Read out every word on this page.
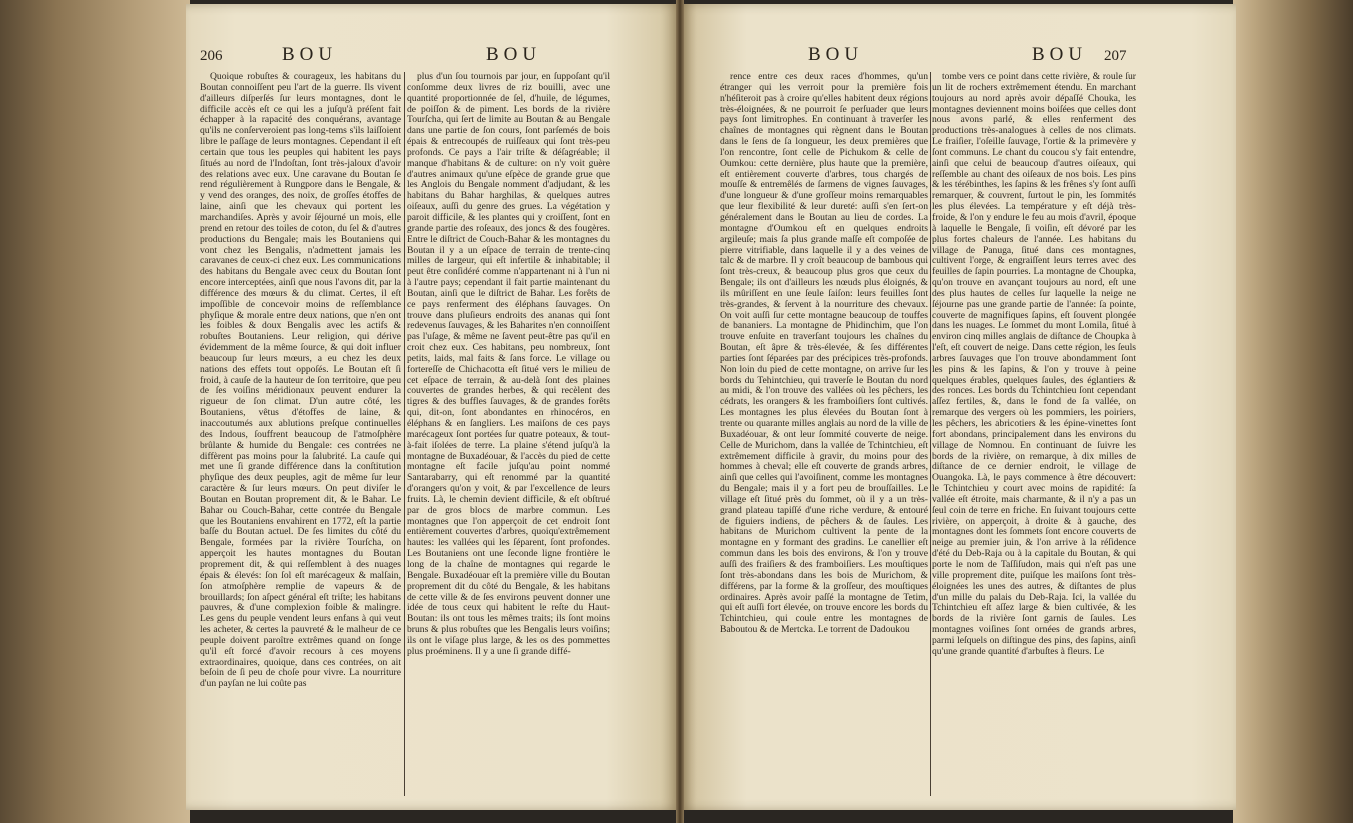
206	BOU	BOU

Quoique robuſtes & courageux, les habitans du Boutan connoiſſent peu l'art de la guerre. Ils vivent d'ailleurs diſperſés ſur leurs montagnes, dont le difficile accès eſt ce qui les a juſqu'à préſent fait échapper à la rapacité des conquérans, avantage qu'ils ne conſerveroient pas long-tems s'ils laiſſoient libre le paſſage de leurs montagnes. Cependant il eſt certain que tous les peuples qui habitent les pays ſitués au nord de l'Indoſtan, ſont très-jaloux d'avoir des relations avec eux. Une caravane du Boutan ſe rend régulièrement à Rungpore dans le Bengale, & y vend des oranges, des noix, de groſſes étoffes de laine, ainſi que les chevaux qui portent les marchandiſes. Après y avoir ſéjourné un mois, elle prend en retour des toiles de coton, du ſel & d'autres productions du Bengale; mais les Boutaniens qui vont chez les Bengalis, n'admettent jamais les caravanes de ceux-ci chez eux. Les communications des habitans du Bengale avec ceux du Boutan ſont encore interceptées, ainſi que nous l'avons dit, par la différence des mœurs & du climat. Certes, il eſt impoſſible de concevoir moins de reſſemblance phyſique & morale entre deux nations, que n'en ont les foibles & doux Bengalis avec les actifs & robuſtes Boutaniens. Leur religion, qui dérive évidemment de la même ſource, & qui doit influer beaucoup ſur leurs mœurs, a eu chez les deux nations des effets tout oppoſés. Le Boutan eſt ſi froid, à cauſe de la hauteur de ſon territoire, que peu de ſes voiſins méridionaux peuvent endurer la rigueur de ſon climat. D'un autre côté, les Boutaniens, vêtus d'étoffes de laine, & inaccoutumés aux ablutions preſque continuelles des Indous, ſouffrent beaucoup de l'atmoſphère brûlante & humide du Bengale: ces contrées ne diffèrent pas moins pour la ſalubrité. La cauſe qui met une ſi grande différence dans la conſtitution phyſique des deux peuples, agit de même ſur leur caractère & ſur leurs mœurs. On peut diviſer le Boutan en Boutan proprement dit, & le Bahar. Le Bahar ou Couch-Bahar, cette contrée du Bengale que les Boutaniens envahirent en 1772, eſt la partie baſſe du Boutan actuel. De ſes limites du côté du Bengale, formées par la rivière Tourſcha, on apperçoit les hautes montagnes du Boutan proprement dit, & qui reſſemblent à des nuages épais & élevés: ſon ſol eſt marécageux & malſain, ſon atmoſphère remplie de vapeurs & de brouillards; ſon aſpect général eſt triſte; les habitans pauvres, & d'une complexion foible & malingre. Les gens du peuple vendent leurs enfans à qui veut les acheter, & certes la pauvreté & le malheur de ce peuple doivent paroître extrêmes quand on ſonge qu'il eſt forcé d'avoir recours à ces moyens extraordinaires, quoique, dans ces contrées, on ait beſoin de ſi peu de choſe pour vivre. La nourriture d'un payſan ne lui coûte pas

plus d'un ſou tournois par jour, en ſuppoſant qu'il conſomme deux livres de riz bouilli, avec une quantité proportionnée de ſel, d'huile, de légumes, de poiſſon & de piment. Les bords de la rivière Tourſcha, qui ſert de limite au Boutan & au Bengale dans une partie de ſon cours, ſont parſemés de bois épais & entrecoupés de ruiſſeaux qui ſont très-peu profonds. Ce pays a l'air triſte & déſagréable; il manque d'habitans & de culture: on n'y voit guère d'autres animaux qu'une eſpèce de grande grue que les Anglois du Bengale nomment d'adjudant, & les habitans du Bahar harghilas, & quelques autres oiſeaux, auſſi du genre des grues. La végétation y paroit difficile, & les plantes qui y croiſſent, ſont en grande partie des roſeaux, des joncs & des fougères. Entre le diſtrict de Couch-Bahar & les montagnes du Boutan il y a un eſpace de terrain de trente-cinq milles de largeur, qui eſt infertile & inhabitable; il peut être conſidéré comme n'appartenant ni à l'un ni à l'autre pays; cependant il fait partie maintenant du Boutan, ainſi que le diſtrict de Bahar. Les forêts de ce pays renferment des éléphans ſauvages. On trouve dans pluſieurs endroits des ananas qui ſont redevenus ſauvages, & les Baharites n'en connoiſſent pas l'uſage, & même ne ſavent peut-être pas qu'il en croit chez eux. Ces habitans, peu nombreux, ſont petits, laids, mal faits & ſans force. Le village ou fortereſſe de Chichacotta eſt ſitué vers le milieu de cet eſpace de terrain, & au-delà ſont des plaines couvertes de grandes herbes, & qui recèlent des tigres & des buffles ſauvages, & de grandes forêts qui, dit-on, ſont abondantes en rhinocéros, en éléphans & en ſangliers. Les maiſons de ces pays marécageux ſont portées ſur quatre poteaux, & tout-à-fait iſolées de terre. La plaine s'étend juſqu'à la montagne de Buxadéouar, & l'accès du pied de cette montagne eſt facile juſqu'au point nommé Santarabarry, qui eſt renommé par la quantité d'orangers qu'on y voit, & par l'excellence de leurs fruits. Là, le chemin devient difficile, & eſt obſtrué par de gros blocs de marbre commun. Les montagnes que l'on apperçoit de cet endroit ſont entièrement couvertes d'arbres, quoiqu'extrêmement hautes: les vallées qui les ſéparent, ſont profondes. Les Boutaniens ont une ſeconde ligne frontière le long de la chaîne de montagnes qui regarde le Bengale. Buxadéouar eſt la première ville du Boutan proprement dit du côté du Bengale, & les habitans de cette ville & de ſes environs peuvent donner une idée de tous ceux qui habitent le reſte du Haut-Boutan: ils ont tous les mêmes traits; ils ſont moins bruns & plus robuſtes que les Bengalis leurs voiſins; ils ont le viſage plus large, & les os des pommettes plus proéminens. Il y a une ſi grande diffé-

BOU	BOU 207

rence entre ces deux races d'hommes, qu'un étranger qui les verroit pour la première fois n'héſiteroit pas à croire qu'elles habitent deux régions très-éloignées, & ne pourroit ſe perſuader que leurs pays ſont limitrophes. En continuant à traverſer les chaînes de montagnes qui règnent dans le Boutan dans le ſens de ſa longueur, les deux premières que l'on rencontre, ſont celle de Pichukom & celle de Oumkou: cette dernière, plus haute que la première, eſt entièrement couverte d'arbres, tous chargés de mouſſe & entremêlés de ſarmens de vignes ſauvages, d'une longueur & d'une groſſeur moins remarquables que leur flexibilité & leur dureté: auſſi s'en ſert-on généralement dans le Boutan au lieu de cordes. La montagne d'Oumkou eſt en quelques endroits argileuſe; mais ſa plus grande maſſe eſt compoſée de pierre vitrifiable, dans laquelle il y a des veines de talc & de marbre. Il y croît beaucoup de bambous qui ſont très-creux, & beaucoup plus gros que ceux du Bengale; ils ont d'ailleurs les nœuds plus éloignés, & ils mûriſſent en une ſeule ſaiſon: leurs feuilles ſont très-grandes, & ſervent à la nourriture des chevaux. On voit auſſi ſur cette montagne beaucoup de touffes de bananiers. La montagne de Phidinchim, que l'on trouve enſuite en traverſant toujours les chaînes du Boutan, eſt âpre & très-élevée, & ſes différentes parties ſont ſéparées par des précipices très-profonds. Non loin du pied de cette montagne, on arrive ſur les bords du Tehintchieu, qui traverſe le Boutan du nord au midi, & l'on trouve des vallées où les pêchers, les cédrats, les orangers & les framboiſiers ſont cultivés. Les montagnes les plus élevées du Boutan ſont à trente ou quarante milles anglais au nord de la ville de Buxadéouar, & ont leur ſommité couverte de neige. Celle de Murichom, dans la vallée de Tchintchieu, eſt extrêmement difficile à gravir, du moins pour des hommes à cheval; elle eſt couverte de grands arbres, ainſi que celles qui l'avoiſinent, comme les montagnes du Bengale; mais il y a fort peu de brouſſailles. Le village eſt ſitué près du ſommet, où il y a un très-grand plateau tapiſſé d'une riche verdure, & entouré de figuiers indiens, de pêchers & de ſaules. Les habitans de Murichom cultivent la pente de la montagne en y formant des gradins. Le canellier eſt commun dans les bois des environs, & l'on y trouve auſſi des fraiſiers & des framboiſiers. Les mouſtiques ſont très-abondans dans les bois de Murichom, & différens, par la forme & la groſſeur, des mouſtiques ordinaires. Après avoir paſſé la montagne de Tetim, qui eſt auſſi fort élevée, on trouve encore les bords du Tchintchieu, qui coule entre les montagnes de Baboutou & de Mertcka. Le torrent de Dadoukou

tombe vers ce point dans cette rivière, & roule ſur un lit de rochers extrêmement étendu. En marchant toujours au nord après avoir dépaſſé Chouka, les montagnes deviennent moins boiſées que celles dont nous avons parlé, & elles renferment des productions très-analogues à celles de nos climats. Le fraiſier, l'oſeille ſauvage, l'ortie & la primevère y ſont communs. Le chant du coucou s'y fait entendre, ainſi que celui de beaucoup d'autres oiſeaux, qui reſſemble au chant des oiſeaux de nos bois. Les pins & les térébinthes, les ſapins & les frênes s'y ſont auſſi remarquer, & couvrent, ſurtout le pin, les ſommités les plus élevées. La température y eſt déjà très-froide, & l'on y endure le feu au mois d'avril, époque à laquelle le Bengale, ſi voiſin, eſt dévoré par les plus fortes chaleurs de l'année. Les habitans du village de Panuga, ſitué dans ces montagnes, cultivent l'orge, & engraiſſent leurs terres avec des feuilles de ſapin pourries. La montagne de Choupka, qu'on trouve en avançant toujours au nord, eſt une des plus hautes de celles ſur laquelle la neige ne ſéjourne pas une grande partie de l'année: ſa pointe, couverte de magnifiques ſapins, eſt ſouvent plongée dans les nuages. Le ſommet du mont Lomila, ſitué à environ cinq milles anglais de diſtance de Choupka à l'eſt, eſt couvert de neige. Dans cette région, les ſeuls arbres ſauvages que l'on trouve abondamment ſont les pins & les ſapins, & l'on y trouve à peine quelques érables, quelques ſaules, des églantiers & des ronces. Les bords du Tchintchieu ſont cependant aſſez fertiles, &, dans le fond de ſa vallée, on remarque des vergers où les pommiers, les poiriers, les pêchers, les abricotiers & les épine-vinettes ſont fort abondans, principalement dans les environs du village de Nomnou. En continuant de ſuivre les bords de la rivière, on remarque, à dix milles de diſtance de ce dernier endroit, le village de Ouangoka. Là, le pays commence à être découvert: le Tchintchieu y court avec moins de rapidité: ſa vallée eſt étroite, mais charmante, & il n'y a pas un ſeul coin de terre en friche. En ſuivant toujours cette rivière, on apperçoit, à droite & à gauche, des montagnes dont les ſommets ſont encore couverts de neige au premier juin, & l'on arrive à la réſidence d'été du Deb-Raja ou à la capitale du Boutan, & qui porte le nom de Taſſiſudon, mais qui n'eſt pas une ville proprement dite, puiſque les maiſons ſont très-éloignées les unes des autres, & diſtantes de plus d'un mille du palais du Deb-Raja. Ici, la vallée du Tchintchieu eſt aſſez large & bien cultivée, & les bords de la rivière ſont garnis de ſaules. Les montagnes voiſines ſont ornées de grands arbres, parmi leſquels on diſtingue des pins, des ſapins, ainſi qu'une grande quantité d'arbuſtes à fleurs. Le
